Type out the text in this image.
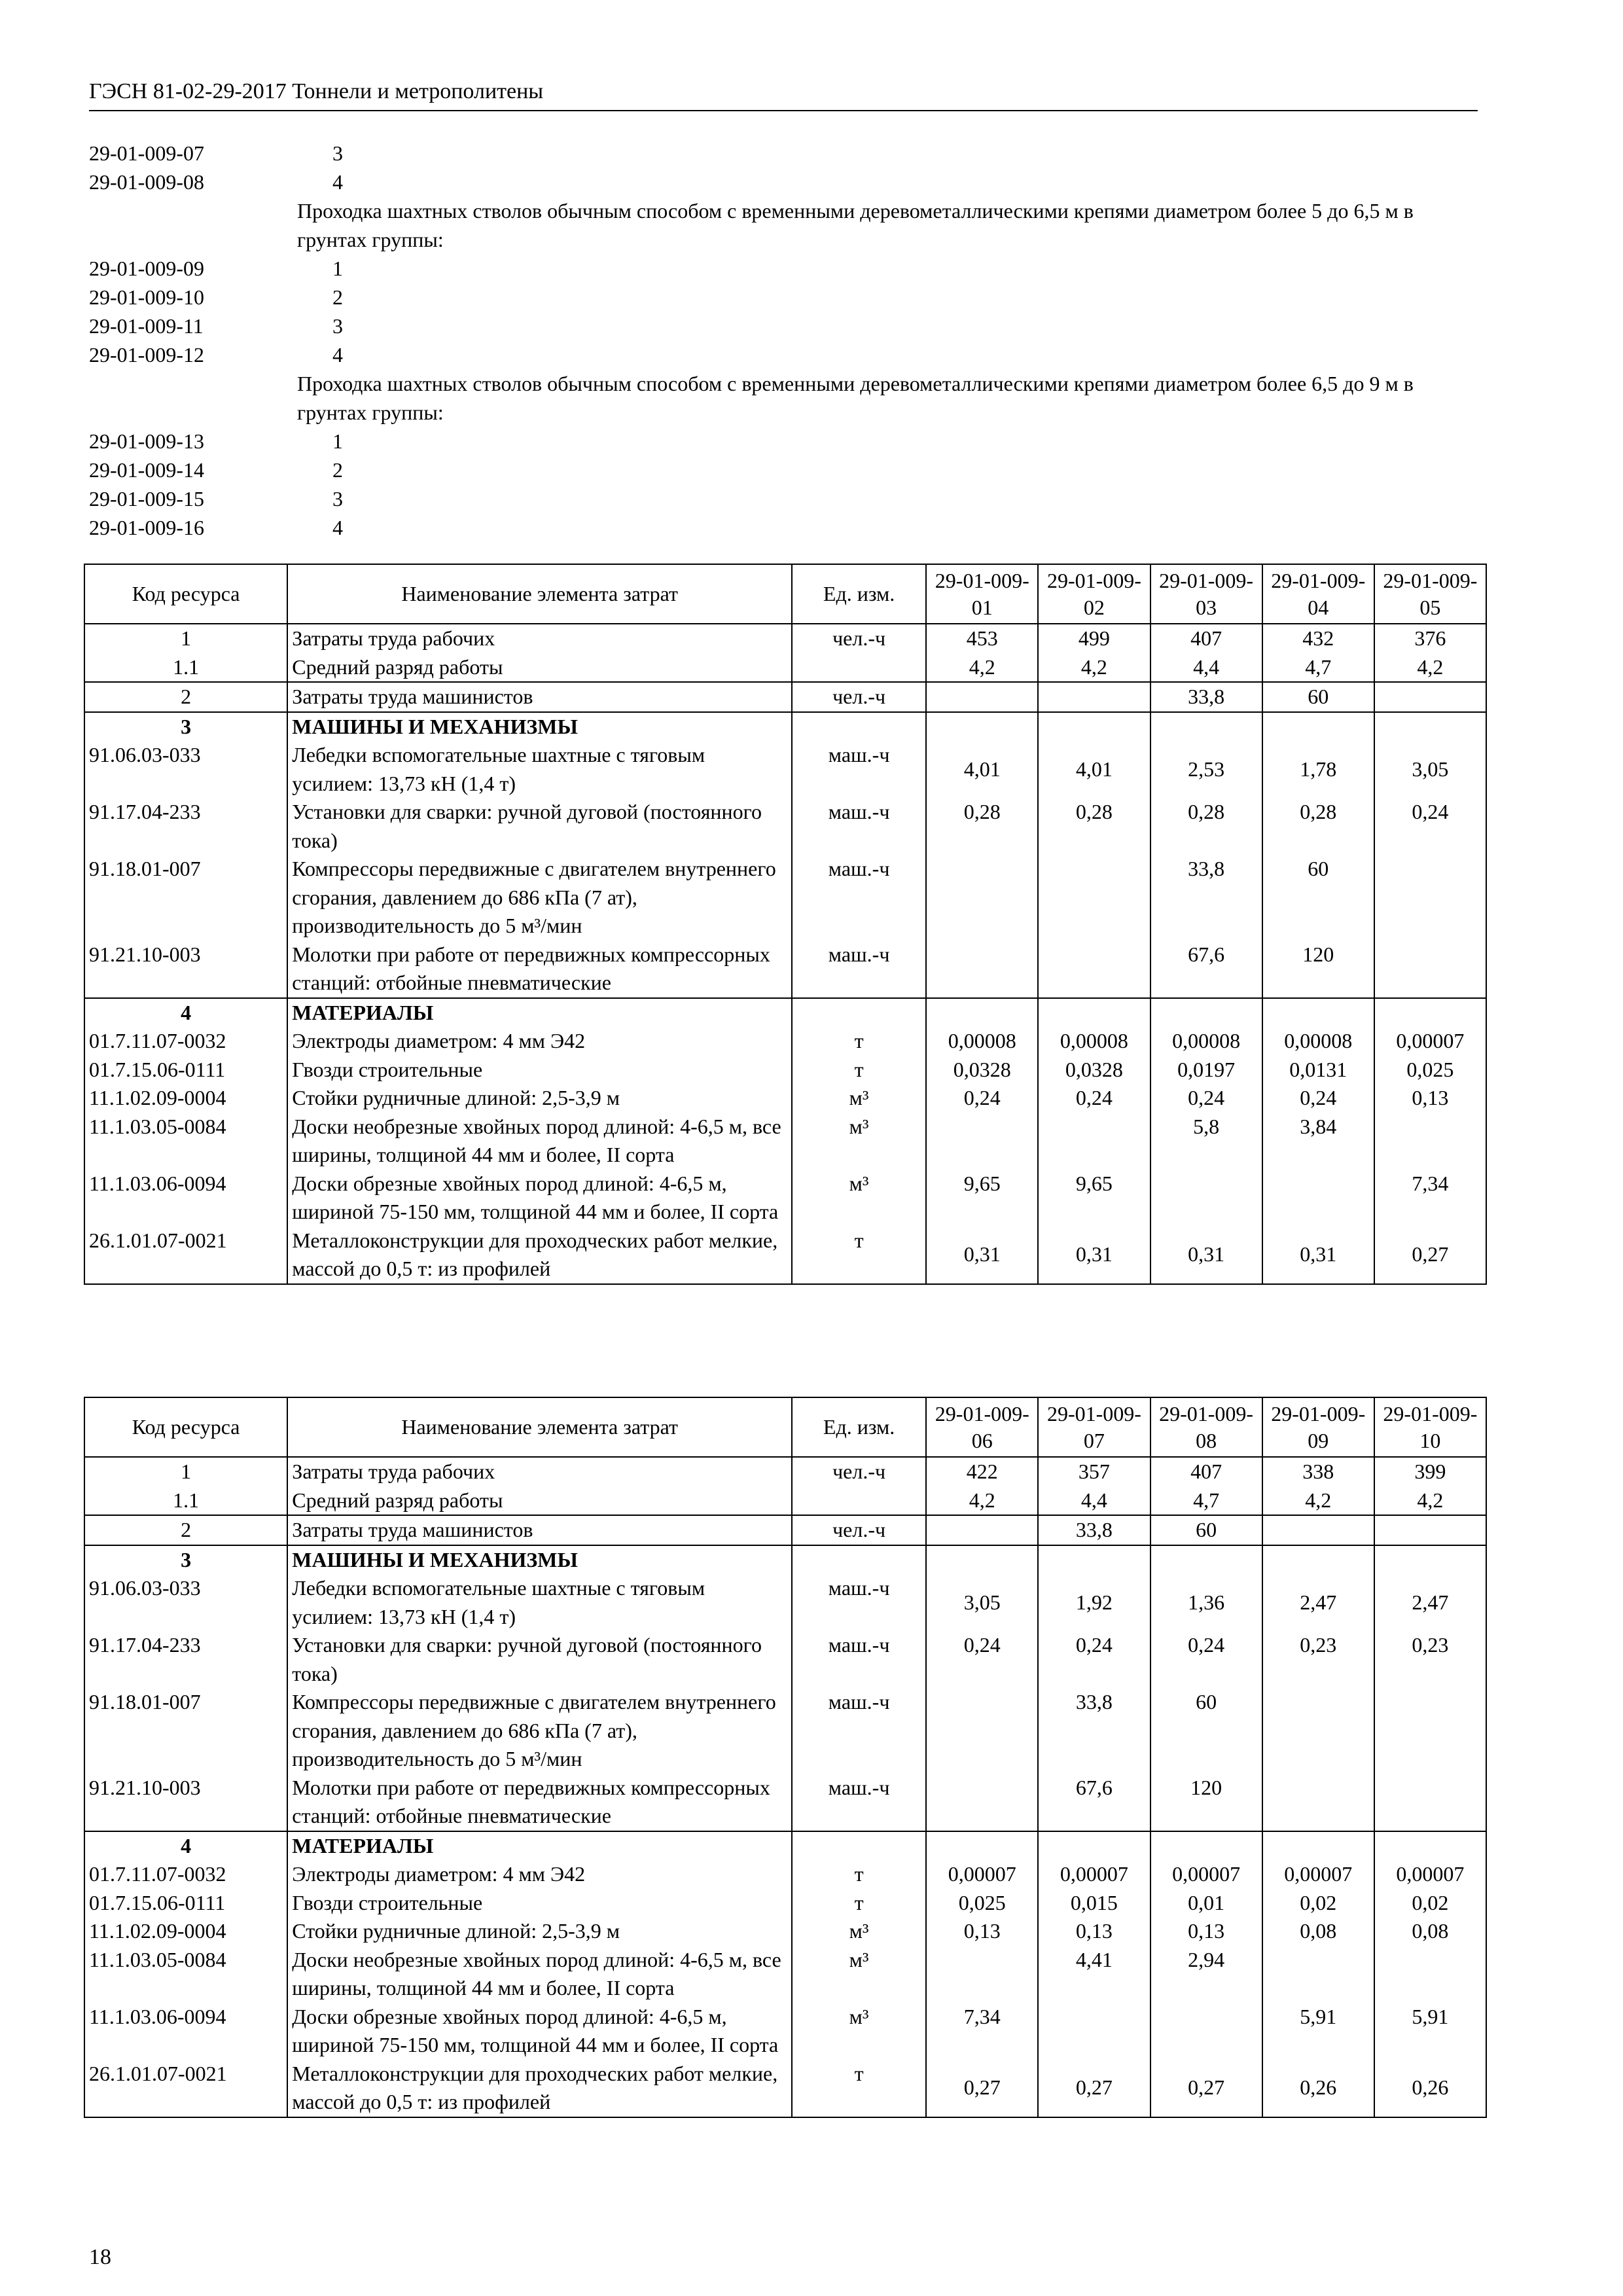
ГЭСН 81-02-29-2017 Тоннели и метрополитены
29-01-009-07	3
29-01-009-08	4
Проходка шахтных стволов обычным способом с временными деревометаллическими крепями диаметром более 5 до 6,5 м в грунтах группы:
29-01-009-09	1
29-01-009-10	2
29-01-009-11	3
29-01-009-12	4
Проходка шахтных стволов обычным способом с временными деревометаллическими крепями диаметром более 6,5 до 9 м в грунтах группы:
29-01-009-13	1
29-01-009-14	2
29-01-009-15	3
29-01-009-16	4
Код ресурса	Наименование элемента затрат	Ед. изм.	29-01-009-01	29-01-009-02	29-01-009-03	29-01-009-04	29-01-009-05
1	Затраты труда рабочих	чел.-ч	453	499	407	432	376
1.1	Средний разряд работы		4,2	4,2	4,4	4,7	4,2
2	Затраты труда машинистов	чел.-ч			33,8	60	
3	МАШИНЫ И МЕХАНИЗМЫ						
91.06.03-033	Лебедки вспомогательные шахтные с тяговым усилием: 13,73 кН (1,4 т)	маш.-ч	4,01	4,01	2,53	1,78	3,05
91.17.04-233	Установки для сварки: ручной дуговой (постоянного тока)	маш.-ч	0,28	0,28	0,28	0,28	0,24
91.18.01-007	Компрессоры передвижные с двигателем внутреннего сгорания, давлением до 686 кПа (7 ат), производительность до 5 м³/мин	маш.-ч			33,8	60	
91.21.10-003	Молотки при работе от передвижных компрессорных станций: отбойные пневматические	маш.-ч			67,6	120	
4	МАТЕРИАЛЫ						
01.7.11.07-0032	Электроды диаметром: 4 мм Э42	т	0,00008	0,00008	0,00008	0,00008	0,00007
01.7.15.06-0111	Гвозди строительные	т	0,0328	0,0328	0,0197	0,0131	0,025
11.1.02.09-0004	Стойки рудничные длиной: 2,5-3,9 м	м³	0,24	0,24	0,24	0,24	0,13
11.1.03.05-0084	Доски необрезные хвойных пород длиной: 4-6,5 м, все ширины, толщиной 44 мм и более, II сорта	м³			5,8	3,84	
11.1.03.06-0094	Доски обрезные хвойных пород длиной: 4-6,5 м, шириной 75-150 мм, толщиной 44 мм и более, II сорта	м³	9,65	9,65			7,34
26.1.01.07-0021	Металлоконструкции для проходческих работ мелкие, массой до 0,5 т: из профилей	т	0,31	0,31	0,31	0,31	0,27
Код ресурса	Наименование элемента затрат	Ед. изм.	29-01-009-06	29-01-009-07	29-01-009-08	29-01-009-09	29-01-009-10
1	Затраты труда рабочих	чел.-ч	422	357	407	338	399
1.1	Средний разряд работы		4,2	4,4	4,7	4,2	4,2
2	Затраты труда машинистов	чел.-ч		33,8	60		
3	МАШИНЫ И МЕХАНИЗМЫ						
91.06.03-033	Лебедки вспомогательные шахтные с тяговым усилием: 13,73 кН (1,4 т)	маш.-ч	3,05	1,92	1,36	2,47	2,47
91.17.04-233	Установки для сварки: ручной дуговой (постоянного тока)	маш.-ч	0,24	0,24	0,24	0,23	0,23
91.18.01-007	Компрессоры передвижные с двигателем внутреннего сгорания, давлением до 686 кПа (7 ат), производительность до 5 м³/мин	маш.-ч		33,8	60		
91.21.10-003	Молотки при работе от передвижных компрессорных станций: отбойные пневматические	маш.-ч		67,6	120		
4	МАТЕРИАЛЫ						
01.7.11.07-0032	Электроды диаметром: 4 мм Э42	т	0,00007	0,00007	0,00007	0,00007	0,00007
01.7.15.06-0111	Гвозди строительные	т	0,025	0,015	0,01	0,02	0,02
11.1.02.09-0004	Стойки рудничные длиной: 2,5-3,9 м	м³	0,13	0,13	0,13	0,08	0,08
11.1.03.05-0084	Доски необрезные хвойных пород длиной: 4-6,5 м, все ширины, толщиной 44 мм и более, II сорта	м³		4,41	2,94		
11.1.03.06-0094	Доски обрезные хвойных пород длиной: 4-6,5 м, шириной 75-150 мм, толщиной 44 мм и более, II сорта	м³	7,34			5,91	5,91
26.1.01.07-0021	Металлоконструкции для проходческих работ мелкие, массой до 0,5 т: из профилей	т	0,27	0,27	0,27	0,26	0,26
18
